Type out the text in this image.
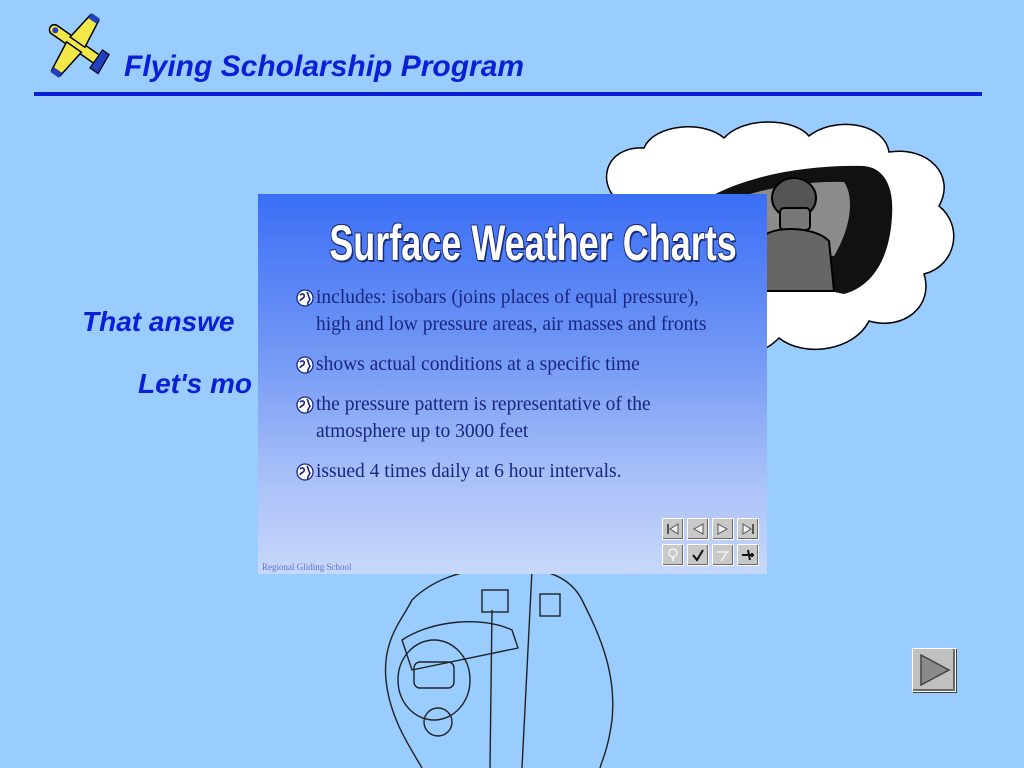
Flying Scholarship Program
That answe
Let's mo
Surface Weather Charts
includes: isobars (joins places of equal pressure), high and low pressure areas, air masses and fronts
shows actual conditions at a specific time
the pressure pattern is representative of the atmosphere up to 3000 feet
issued 4 times daily at 6 hour intervals.
Regional Gliding School
